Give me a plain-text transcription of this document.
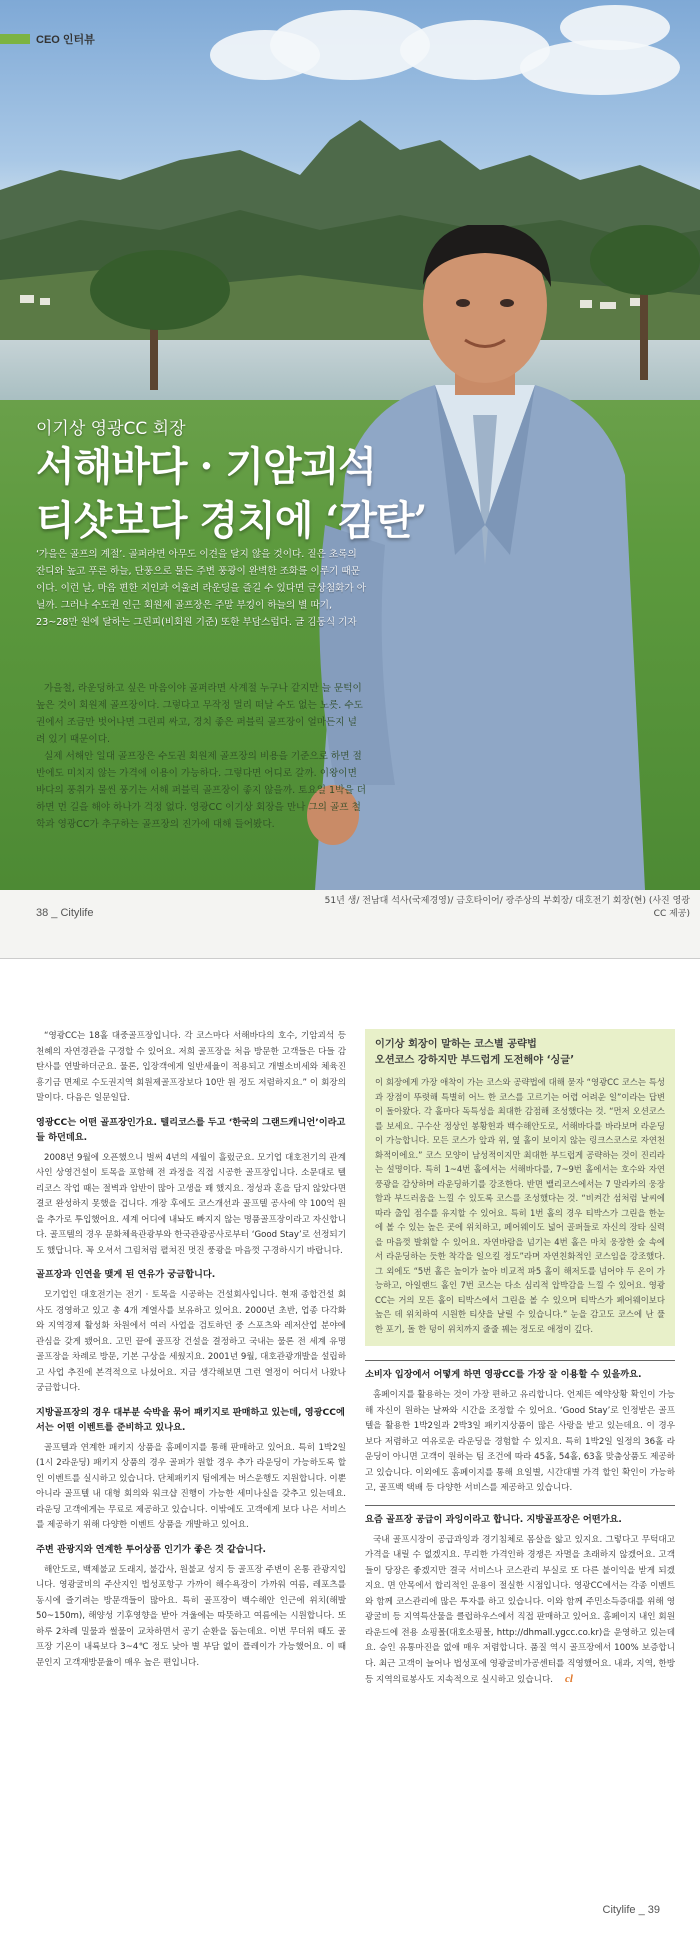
CEO 인터뷰
이기상 영광CC 회장
서해바다 · 기암괴석
티샷보다 경치에 ‘감탄’
‘가을은 골프의 계절’. 골퍼라면 아무도 이견을 달지 않을 것이다. 짙은 초록의 잔디와 높고 푸른 하늘, 단풍으로 물든 주변 풍광이 완벽한 조화를 이루기 때문이다. 이런 날, 마음 편한 지인과 어울려 라운딩을 즐길 수 있다면 금상첨화가 아닐까. 그러나 수도권 인근 회원제 골프장은 주말 부킹이 하늘의 별 따기, 23~28만 원에 달하는 그린피(비회원 기준) 또한 부담스럽다. 글 김동식 기자

가을철, 라운딩하고 싶은 마음이야 골퍼라면 사계절 누구나 같지만 늘 문턱이 높은 것이 회원제 골프장이다. 그렇다고 무작정 멀리 떠날 수도 없는 노릇. 수도권에서 조금만 벗어나면 그린피 싸고, 경치 좋은 퍼블릭 골프장이 얼마든지 널려 있기 때문이다.

실제 서해안 일대 골프장은 수도권 회원제 골프장의 비용을 기준으로 하면 절반에도 미치지 않는 가격에 이용이 가능하다. 그렇다면 어디로 갈까. 이왕이면 바다의 풍취가 물씬 풍기는 서해 퍼블릭 골프장이 좋지 않을까. 토요일 1박을 더하면 먼 길을 해야 하나가 걱정 없다. 영광CC 이기상 회장을 만나 그의 골프 철학과 영광CC가 추구하는 골프장의 진가에 대해 들어봤다.

51년 생/ 전남대 석사(국제경영)/ 금호타이어/ 광주상의 부회장/ 대호전기 회장(현) (사진 영광CC 제공)
38 _ Citylife

“영광CC는 18홀 대중골프장입니다. 각 코스마다 서해바다의 호수, 기암괴석 등 천혜의 자연경관을 구경할 수 있어요. 저희 골프장을 처음 방문한 고객들은 다들 감탄사를 연발하더군요. 물론, 입장객에게 일반세율이 적용되고 개별소비세와 체육진흥기금 면제로 수도권지역 회원제골프장보다 10만 원 정도 저렴하지요.” 이 회장의 말이다. 다음은 일문일답.

영광CC는 어떤 골프장인가요. 텔리코스를 두고 ‘한국의 그랜드캐니언’이라고들 하던데요.

2008년 9월에 오픈했으니 벌써 4년의 세월이 흘렀군요. 모기업 대호전기의 관계사인 상영건설이 토목을 포함해 전 과정을 직접 시공한 골프장입니다. 소문대로 텔리코스 작업 때는 절벽과 암반이 많아 고생을 꽤 했지요. 정성과 혼을 담지 않았다면 결코 완성하지 못했을 겁니다. 개장 후에도 코스개선과 골프텔 공사에 약 100억 원을 추가로 투입했어요. 세계 어디에 내놔도 빠지지 않는 명품골프장이라고 자신합니다. 골프텔의 경우 문화체육관광부와 한국관광공사로부터 ‘Good Stay’로 선정되기도 했답니다. 꼭 오셔서 그림처럼 펼쳐진 멋진 풍광을 마음껏 구경하시기 바랍니다.

골프장과 인연을 맺게 된 연유가 궁금합니다.

모기업인 대호전기는 전기 · 토목을 시공하는 건설회사입니다. 현재 종합건설 회사도 경영하고 있고 총 4개 계열사를 보유하고 있어요. 2000년 초반, 업종 다각화와 지역경제 활성화 차원에서 여러 사업을 검토하던 중 스포츠와 레저산업 분야에 관심을 갖게 됐어요. 고민 끝에 골프장 건설을 결정하고 국내는 물론 전 세계 유명 골프장을 차례로 방문, 기본 구상을 세웠지요. 2001년 9월, 대호관광개발을 설립하고 사업 추진에 본격적으로 나섰어요. 지금 생각해보면 그런 열정이 어디서 나왔나 궁금합니다.

지방골프장의 경우 대부분 숙박을 묶어 패키지로 판매하고 있는데, 영광CC에서는 어떤 이벤트를 준비하고 있나요.

골프텔과 연계한 패키지 상품을 홈페이지를 통해 판매하고 있어요. 특히 1박2일(1시 2라운딩) 패키지 상품의 경우 골퍼가 원할 경우 추가 라운딩이 가능하도록 할인 이벤트를 실시하고 있습니다. 단체패키지 팀에게는 버스운행도 지원합니다. 이뿐 아니라 골프텔 내 대형 회의와 워크샵 진행이 가능한 세미나실을 갖추고 있는데요. 라운딩 고객에게는 무료로 제공하고 있습니다. 이밖에도 고객에게 보다 나은 서비스를 제공하기 위해 다양한 이벤트 상품을 개발하고 있어요.

주변 관광지와 연계한 투어상품 인기가 좋은 것 같습니다.

해안도로, 백제불교 도래지, 불갑사, 원불교 성지 등 골프장 주변이 온통 관광지입니다. 영광굴비의 주산지인 법성포항구 가까이 해수욕장이 가까워 여름, 레포츠를 동시에 즐기려는 방문객들이 많아요. 특히 골프장이 백수해안 인근에 위치(해발 50~150m), 해양성 기후영향을 받아 겨울에는 따뜻하고 여름에는 시원합니다. 또 하루 2차례 밀물과 썰물이 교차하면서 공기 순환을 돕는데요. 이번 무더위 때도 골프장 기온이 내륙보다 3~4℃ 정도 낮아 별 부담 없이 플레이가 가능했어요. 이 때문인지 고객재방문율이 매우 높은 편입니다.

이기상 회장이 말하는 코스별 공략법
오션코스 강하지만 부드럽게 도전해야 ‘싱글’

이 회장에게 가장 애착이 가는 코스와 공략법에 대해 묻자 “영광CC 코스는 특성과 장점이 뚜렷해 특별히 어느 한 코스를 고르기는 어렵 어려운 일”이라는 답변이 돌아왔다. 각 홀마다 독특성을 최대한 감점해 조성했다는 것. “먼저 오션코스를 보세요. 구수산 정상인 봉황헌과 백수해안도로, 서해바다를 바라보며 라운딩이 가능합니다. 모든 코스가 앞과 위, 옆 홀이 보이지 않는 링크스코스로 자연천화적이에요.” 코스 모양이 남성적이지만 최대한 부드럽게 공략하는 것이 진리라는 설명이다. 특히 1~4번 홀에서는 서해바다를, 7~9번 홀에서는 호수와 자연풍광을 감상하며 라운딩하기를 강조한다. 반면 밸리코스에서는 7 말라카의 웅장함과 부드러움을 느낄 수 있도록 코스를 조성했다는 것. “비켜간 섬처럼 날씨에 따라 출입 점수를 유지할 수 있어요. 특히 1번 홀의 경우 티박스가 그린을 한눈에 볼 수 있는 높은 곳에 위치하고, 페어웨이도 넓어 골퍼들로 자신의 장타 실력을 마음껏 발휘할 수 있어요. 자연바람을 넘기는 4번 홀은 마치 웅장한 숲 속에서 라운딩하는 듯한 착각을 일으킬 정도”라며 자연친화적인 코스임을 강조했다. 그 외에도 “5번 홀은 높이가 높아 비교적 파5 홀이 해저도를 넘어야 두 온이 가능하고, 아일랜드 홀인 7번 코스는 다소 심리적 압박감을 느낄 수 있어요. 영광CC는 거의 모든 홀이 티박스에서 그린을 볼 수 있으며 티박스가 페어웨이보다 높은 데 위치하여 시원한 티샷을 날릴 수 있습니다.” 눈을 감고도 코스에 난 풀 한 포기, 돌 한 덩이 위치까지 줄줄 꿰는 정도로 애정이 깊다.

소비자 입장에서 어떻게 하면 영광CC를 가장 잘 이용할 수 있을까요.

홈페이지를 활용하는 것이 가장 편하고 유리합니다. 언제든 예약상황 확인이 가능해 자신이 원하는 날짜와 시간을 조정할 수 있어요. ‘Good Stay’로 인정받은 골프텔을 활용한 1박2일과 2박3일 패키지상품이 많은 사랑을 받고 있는데요. 이 경우 보다 저렴하고 여유로운 라운딩을 경험할 수 있지요. 특히 1박2일 일정의 36홀 라운딩이 아니면 고객이 원하는 팀 조건에 따라 45홀, 54홀, 63홀 맞춤상품도 제공하고 있습니다. 이외에도 홈페이지를 통해 요일별, 시간대별 가격 할인 확인이 가능하고, 골프백 택배 등 다양한 서비스를 제공하고 있습니다.

요즘 골프장 공급이 과잉이라고 합니다. 지방골프장은 어떤가요.

국내 골프시장이 공급과잉과 경기침체로 몸살을 앓고 있지요. 그렇다고 무턱대고 가격을 내릴 수 없겠지요. 무리한 가격인하 경쟁은 자멸을 초래하지 않겠어요. 고객들이 당장은 좋겠지만 결국 서비스나 코스관리 부실로 또 다른 불이익을 받게 되겠지요. 면 안목에서 합리적인 운용이 절실한 시점입니다. 영광CC에서는 각종 이벤트와 함께 코스관리에 많은 투자를 하고 있습니다. 이와 함께 주민소득증대를 위해 영광굴비 등 지역특산물을 클럽하우스에서 직접 판매하고 있어요. 홈페이지 내인 회원 라운드에 전용 쇼핑몰(대호소핑몰, http://dhmall.ygcc.co.kr)을 운영하고 있는데요. 승인 유통마진을 없애 매우 저렴합니다. 품질 역시 골프장에서 100% 보증합니다. 최근 고객이 늘어나 법성포에 영광굴비가공센터를 직영했어요. 내과, 지역, 한방 등 지역의료봉사도 지속적으로 실시하고 있습니다. cl

Citylife _ 39
